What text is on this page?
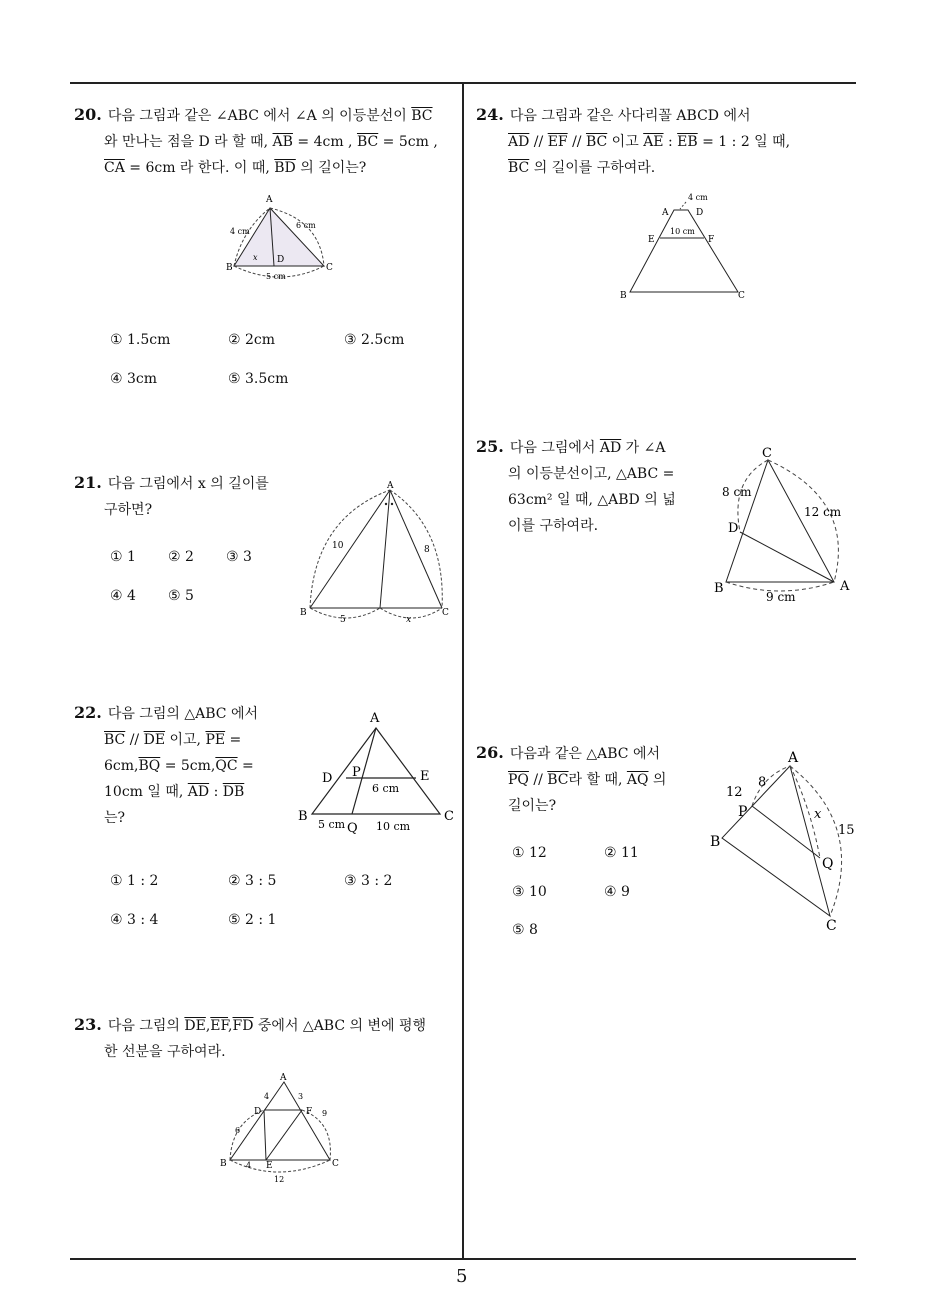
5
20. 다음 그림과 같은 ∠ABC 에서 ∠A 의 이등분선이 $\overline{BC}$
와 만나는 점을 D 라 할 때, $\overline{AB} = 4cm$ , $\overline{BC} = 5cm$ ,
$\overline{CA} = 6cm$ 라 한다. 이 때, $\overline{BD}$ 의 길이는?
A
B	C
D
4 cm
6 cm
5 cm
x
① 1.5cm	② 2cm	③ 2.5cm
④ 3cm	⑤ 3.5cm
21. 다음 그림에서 x 의 길이를
구하면?
A
B	C
10	8
5	x
① 1 ② 2 ③ 3
④ 4 ⑤ 5
22. 다음 그림의 △ABC 에서
$\overline{BC} // \overline{DE}$ 이고, $\overline{PE}$ =
$6cm,\overline{BQ} = 5cm,\overline{QC}$ =
10cm 일 때, $\overline{AD}$ : $\overline{DB}$
는?
A
B	C
D	E
P
Q
6 cm
5 cm	10 cm
① 1 : 2	② 3 : 5	③ 3 : 2
④ 3 : 4	⑤ 2 : 1
23. 다음 그림의 $\overline{DE},\overline{EF},\overline{FD}$ 중에서 △ABC 의 변에 평행
한 선분을 구하여라.
A
B	C
D
E
F
4	3
9
6
4
12
24. 다음 그림과 같은 사다리꼴 ABCD 에서
$\overline{AD} // \overline{EF} // \overline{BC}$ 이고 $\overline{AE}$ : $\overline{EB} = 1$ : 2 일 때,
$\overline{BC}$ 의 길이를 구하여라.
4 cm
A	D
E	F
10 cm
B	C
25. 다음 그림에서 $\overline{AD}$ 가 ∠A
의 이등분선이고, △ABC =
63cm² 일 때, △ABD 의 넓
이를 구하여라.
C
B	A
D
8 cm
12 cm
9 cm
26. 다음과 같은 △ABC 에서
$\overline{PQ} // \overline{BC}$라 할 때, $\overline{AQ}$ 의
길이는?
A
B
C
P
Q
12
8
x
15
① 12	② 11
③ 10	④ 9
⑤ 8
